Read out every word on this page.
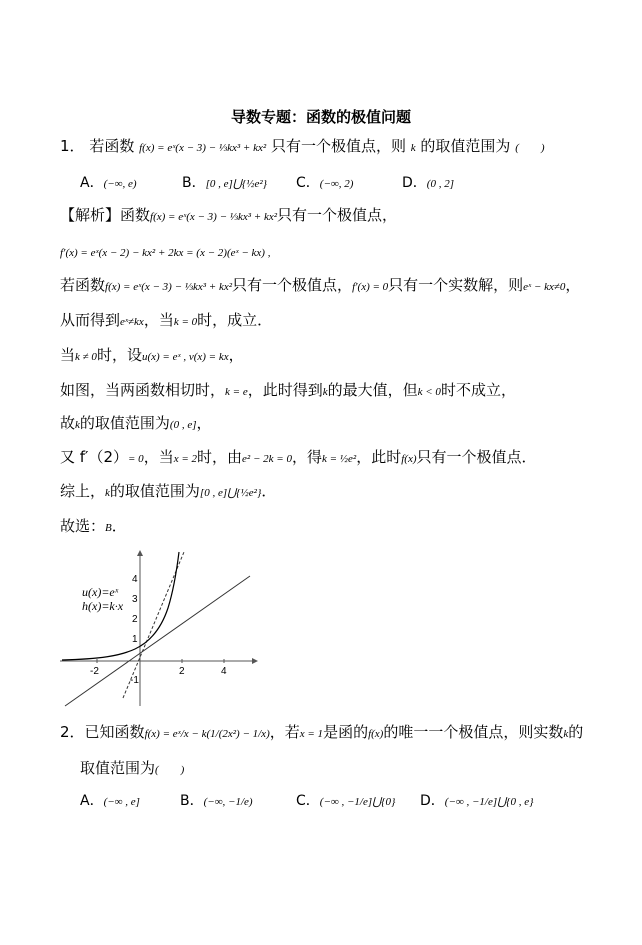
导数专题：函数的极值问题
1． 若函数 f(x) = eˣ(x − 3) − ⅓kx³ + kx² 只有一个极值点，则 k 的取值范围为 (　　)
A．(−∞, e)	B．[0 , e]⋃{½e²} C．(−∞, 2)	D．(0 , 2]
【解析】函数f(x) = eˣ(x − 3) − ⅓kx³ + kx²只有一个极值点，
f′(x) = eˣ(x − 2) − kx² + 2kx = (x − 2)(eˣ − kx) ,
若函数f(x) = eˣ(x − 3) − ⅓kx³ + kx²只有一个极值点，f′(x) = 0只有一个实数解，则eˣ − kx≠0，
从而得到eˣ≠kx，当k = 0时，成立．
当k ≠ 0时，设u(x) = eˣ , v(x) = kx，
如图，当两函数相切时，k = e，此时得到k的最大值，但k < 0时不成立，
故k的取值范围为(0 , e]，
又 f′（2）= 0，当x = 2时，由e² − 2k = 0，得k = ½e²，此时f(x)只有一个极值点．
综上，k的取值范围为[0 , e]⋃{½e²}．
故选：B．
-2	2	4
4
3
2
1
-1
u(x)=eˣ
h(x)=k·x
2．已知函数f(x) = eˣ/x − k(1/(2x²) − 1/x)，若x = 1是函的f(x)的唯一一个极值点，则实数k的
取值范围为(　　)
A．(−∞ , e]	B．(−∞, −1/e)	C．(−∞ , −1/e]⋃{0} D．(−∞ , −1/e]⋃{0 , e}
